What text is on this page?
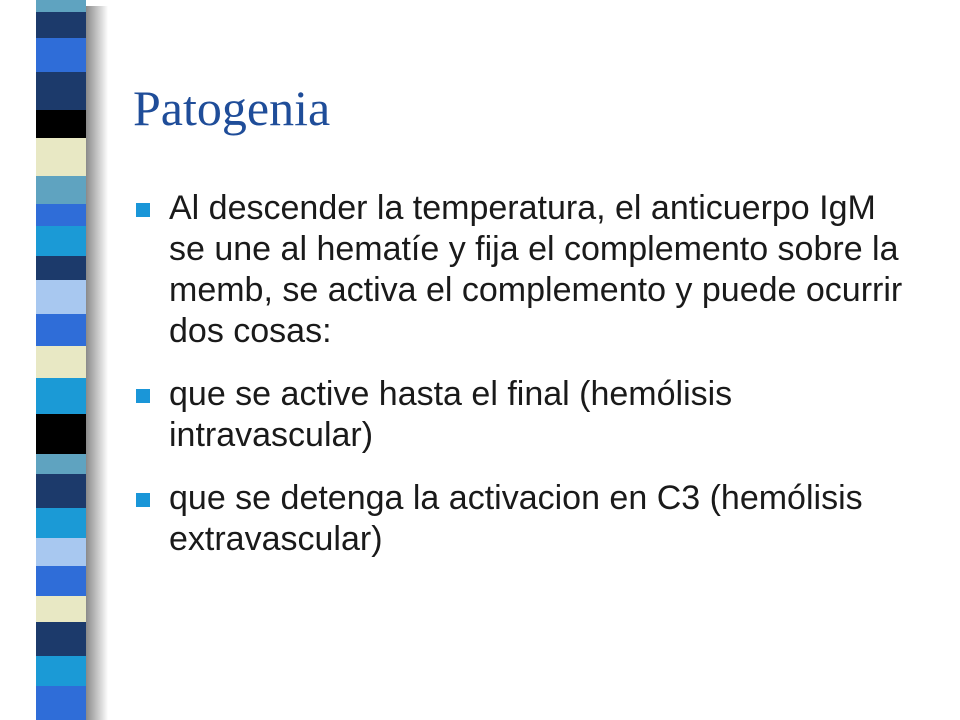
Patogenia
Al descender la temperatura, el anticuerpo IgM se une al hematíe y fija el complemento sobre la memb, se activa el complemento y puede ocurrir dos cosas:
que se active hasta el final (hemólisis intravascular)
que se detenga la activacion en C3 (hemólisis extravascular)
